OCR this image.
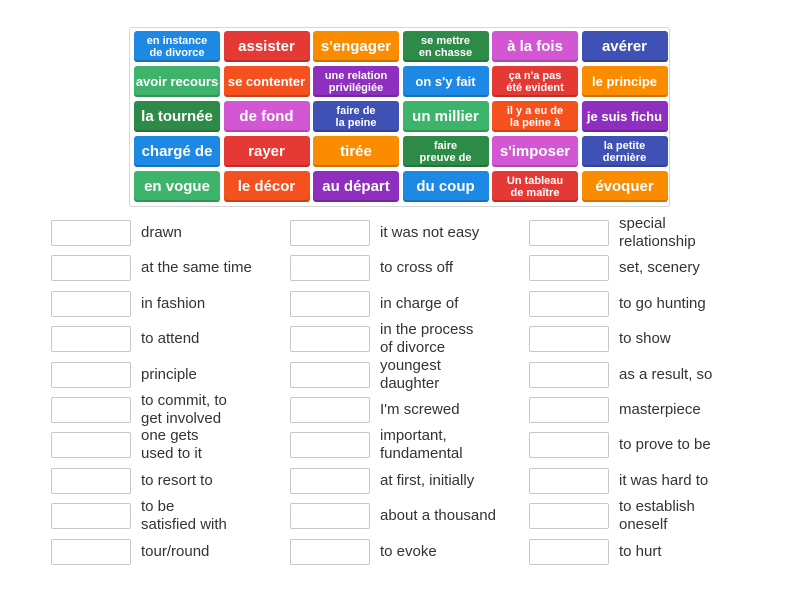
en instance
de divorce assister s'engager	se mettre
en chasse à la fois	avérer
avoir recours se contenter une relation
privilégiée	on s'y fait	ça n'a pas
été evident le principe
la tournée de fond	faire de
la peine un millier	il y a eu de
la peine à je suis fichu
chargé de rayer	tirée	faire
preuve de s'imposer	la petite
dernière
en vogue le décor au départ du coup	Un tableau
de maître évoquer
drawn
at the same time
in fashion
to attend
principle
to commit, to
get involved
one gets
used to it
to resort to
to be
satisfied with
tour/round
it was not easy
to cross off
in charge of
in the process
of divorce
youngest
daughter
I'm screwed
important,
fundamental
at first, initially
about a thousand
to evoke
special
relationship
set, scenery
to go hunting
to show
as a result, so
masterpiece
to prove to be
it was hard to
to establish
oneself
to hurt
